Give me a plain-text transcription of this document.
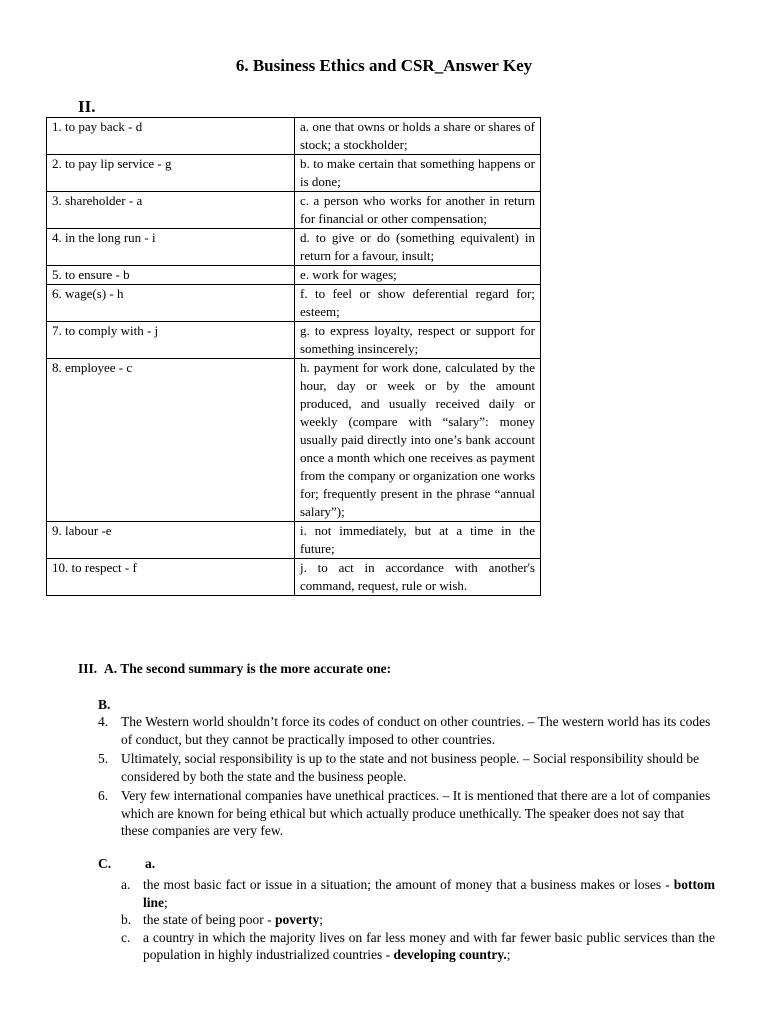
6. Business Ethics and CSR_Answer Key
II.
1. to pay back - d	a. one that owns or holds a share or shares of stock; a stockholder;
2. to pay lip service - g	b. to make certain that something happens or is done;
3. shareholder - a	c. a person who works for another in return for financial or other compensation;
4. in the long run - i	d. to give or do (something equivalent) in return for a favour, insult;
5. to ensure - b	e. work for wages;
6. wage(s) - h	f. to feel or show deferential regard for; esteem;
7. to comply with - j	g. to express loyalty, respect or support for something insincerely;
8. employee - c	h. payment for work done, calculated by the hour, day or week or by the amount produced, and usually received daily or weekly (compare with “salary”: money usually paid directly into one’s bank account once a month which one receives as payment from the company or organization one works for; frequently present in the phrase “annual salary”);
9. labour -e	i. not immediately, but at a time in the future;
10. to respect - f	j. to act in accordance with another's command, request, rule or wish.
III. A. The second summary is the more accurate one:
B.
4. The Western world shouldn’t force its codes of conduct on other countries. – The western world has its codes of conduct, but they cannot be practically imposed to other countries.
5. Ultimately, social responsibility is up to the state and not business people. – Social responsibility should be considered by both the state and the business people.
6. Very few international companies have unethical practices. – It is mentioned that there are a lot of companies which are known for being ethical but which actually produce unethically. The speaker does not say that these companies are very few.
C.	a.
a. the most basic fact or issue in a situation; the amount of money that a business makes or loses - bottom line;
b. the state of being poor - poverty;
c. a country in which the majority lives on far less money and with far fewer basic public services than the population in highly industrialized countries - developing country.;
